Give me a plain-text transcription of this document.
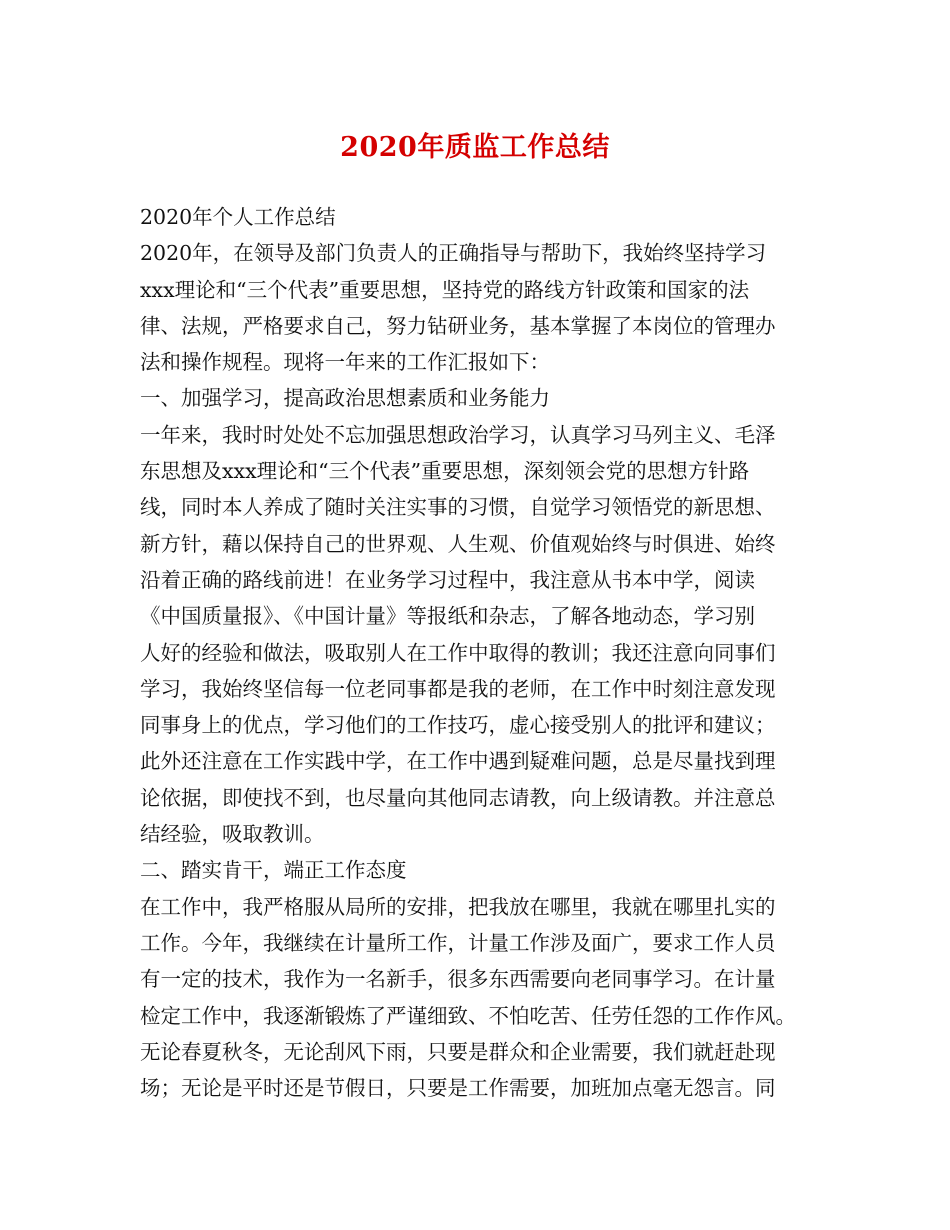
2020年质监工作总结
2020年个人工作总结
2020年，在领导及部门负责人的正确指导与帮助下，我始终坚持学习
xxx理论和“三个代表”重要思想，坚持党的路线方针政策和国家的法
律、法规，严格要求自己，努力钻研业务，基本掌握了本岗位的管理办
法和操作规程。现将一年来的工作汇报如下：
一、加强学习，提高政治思想素质和业务能力
一年来，我时时处处不忘加强思想政治学习，认真学习马列主义、毛泽
东思想及xxx理论和“三个代表”重要思想，深刻领会党的思想方针路
线，同时本人养成了随时关注实事的习惯，自觉学习领悟党的新思想、
新方针，藉以保持自己的世界观、人生观、价值观始终与时俱进、始终
沿着正确的路线前进！在业务学习过程中，我注意从书本中学，阅读
《中国质量报》、《中国计量》等报纸和杂志，了解各地动态，学习别
人好的经验和做法，吸取别人在工作中取得的教训；我还注意向同事们
学习，我始终坚信每一位老同事都是我的老师，在工作中时刻注意发现
同事身上的优点，学习他们的工作技巧，虚心接受别人的批评和建议；
此外还注意在工作实践中学，在工作中遇到疑难问题，总是尽量找到理
论依据，即使找不到，也尽量向其他同志请教，向上级请教。并注意总
结经验，吸取教训。
二、踏实肯干，端正工作态度
在工作中，我严格服从局所的安排，把我放在哪里，我就在哪里扎实的
工作。今年，我继续在计量所工作，计量工作涉及面广，要求工作人员
有一定的技术，我作为一名新手，很多东西需要向老同事学习。在计量
检定工作中，我逐渐锻炼了严谨细致、不怕吃苦、任劳任怨的工作作风。
无论春夏秋冬，无论刮风下雨，只要是群众和企业需要，我们就赶赴现
场；无论是平时还是节假日，只要是工作需要，加班加点毫无怨言。同
